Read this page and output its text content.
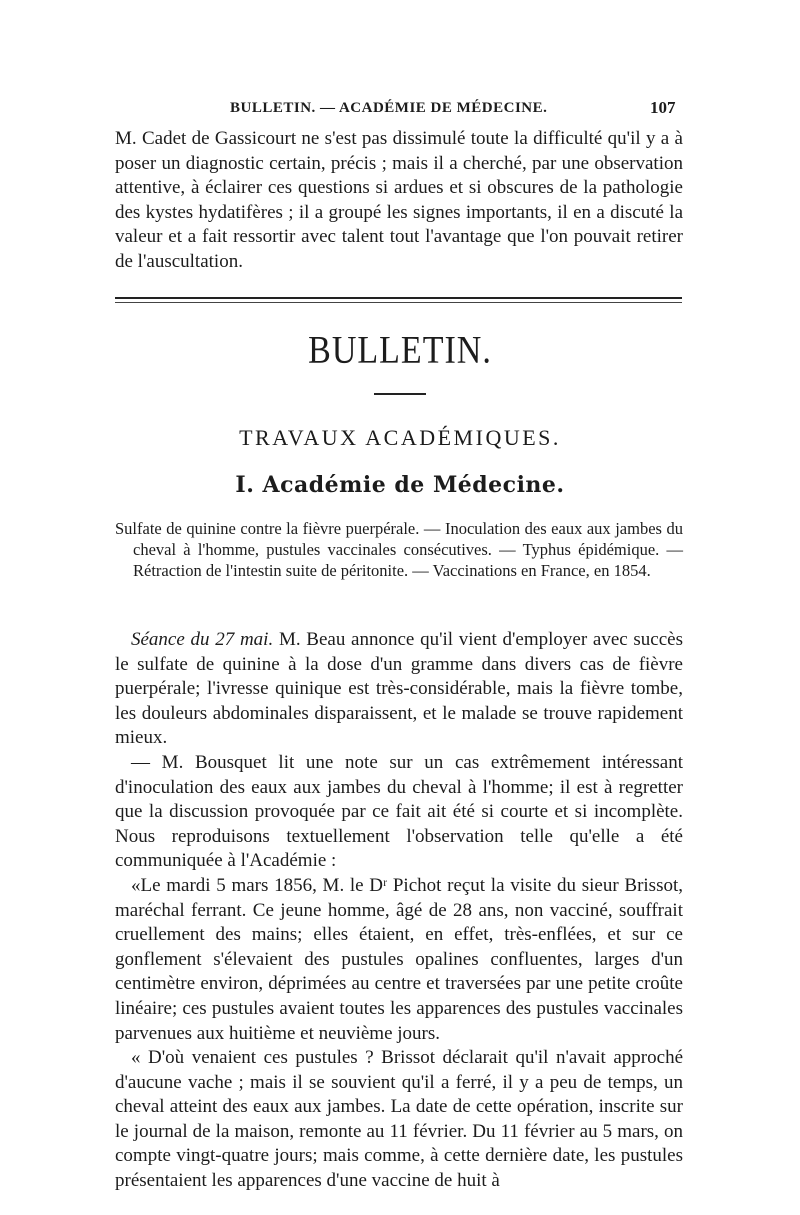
BULLETIN. — ACADÉMIE DE MÉDECINE.	107

M. Cadet de Gassicourt ne s'est pas dissimulé toute la difficulté qu'il y a à poser un diagnostic certain, précis ; mais il a cherché, par une observation attentive, à éclairer ces questions si ardues et si obscures de la pathologie des kystes hydatifères ; il a groupé les signes importants, il en a discuté la valeur et a fait ressortir avec talent tout l'avantage que l'on pouvait retirer de l'auscultation.

BULLETIN.
TRAVAUX ACADÉMIQUES.
I. Académie de Médecine.
Sulfate de quinine contre la fièvre puerpérale. — Inoculation des eaux aux jambes du cheval à l'homme, pustules vaccinales consécutives. — Typhus épidémique. — Rétraction de l'intestin suite de péritonite. — Vaccinations en France, en 1854.

Séance du 27 mai. M. Beau annonce qu'il vient d'employer avec succès le sulfate de quinine à la dose d'un gramme dans divers cas de fièvre puerpérale; l'ivresse quinique est très-considérable, mais la fièvre tombe, les douleurs abdominales disparaissent, et le malade se trouve rapidement mieux.

— M. Bousquet lit une note sur un cas extrêmement intéressant d'inoculation des eaux aux jambes du cheval à l'homme; il est à regretter que la discussion provoquée par ce fait ait été si courte et si incomplète. Nous reproduisons textuellement l'observation telle qu'elle a été communiquée à l'Académie :

«Le mardi 5 mars 1856, M. le Dʳ Pichot reçut la visite du sieur Brissot, maréchal ferrant. Ce jeune homme, âgé de 28 ans, non vacciné, souffrait cruellement des mains; elles étaient, en effet, très-enflées, et sur ce gonflement s'élevaient des pustules opalines confluentes, larges d'un centimètre environ, déprimées au centre et traversées par une petite croûte linéaire; ces pustules avaient toutes les apparences des pustules vaccinales parvenues aux huitième et neuvième jours.

« D'où venaient ces pustules ? Brissot déclarait qu'il n'avait approché d'aucune vache ; mais il se souvient qu'il a ferré, il y a peu de temps, un cheval atteint des eaux aux jambes. La date de cette opération, inscrite sur le journal de la maison, remonte au 11 février. Du 11 février au 5 mars, on compte vingt-quatre jours; mais comme, à cette dernière date, les pustules présentaient les apparences d'une vaccine de huit à
